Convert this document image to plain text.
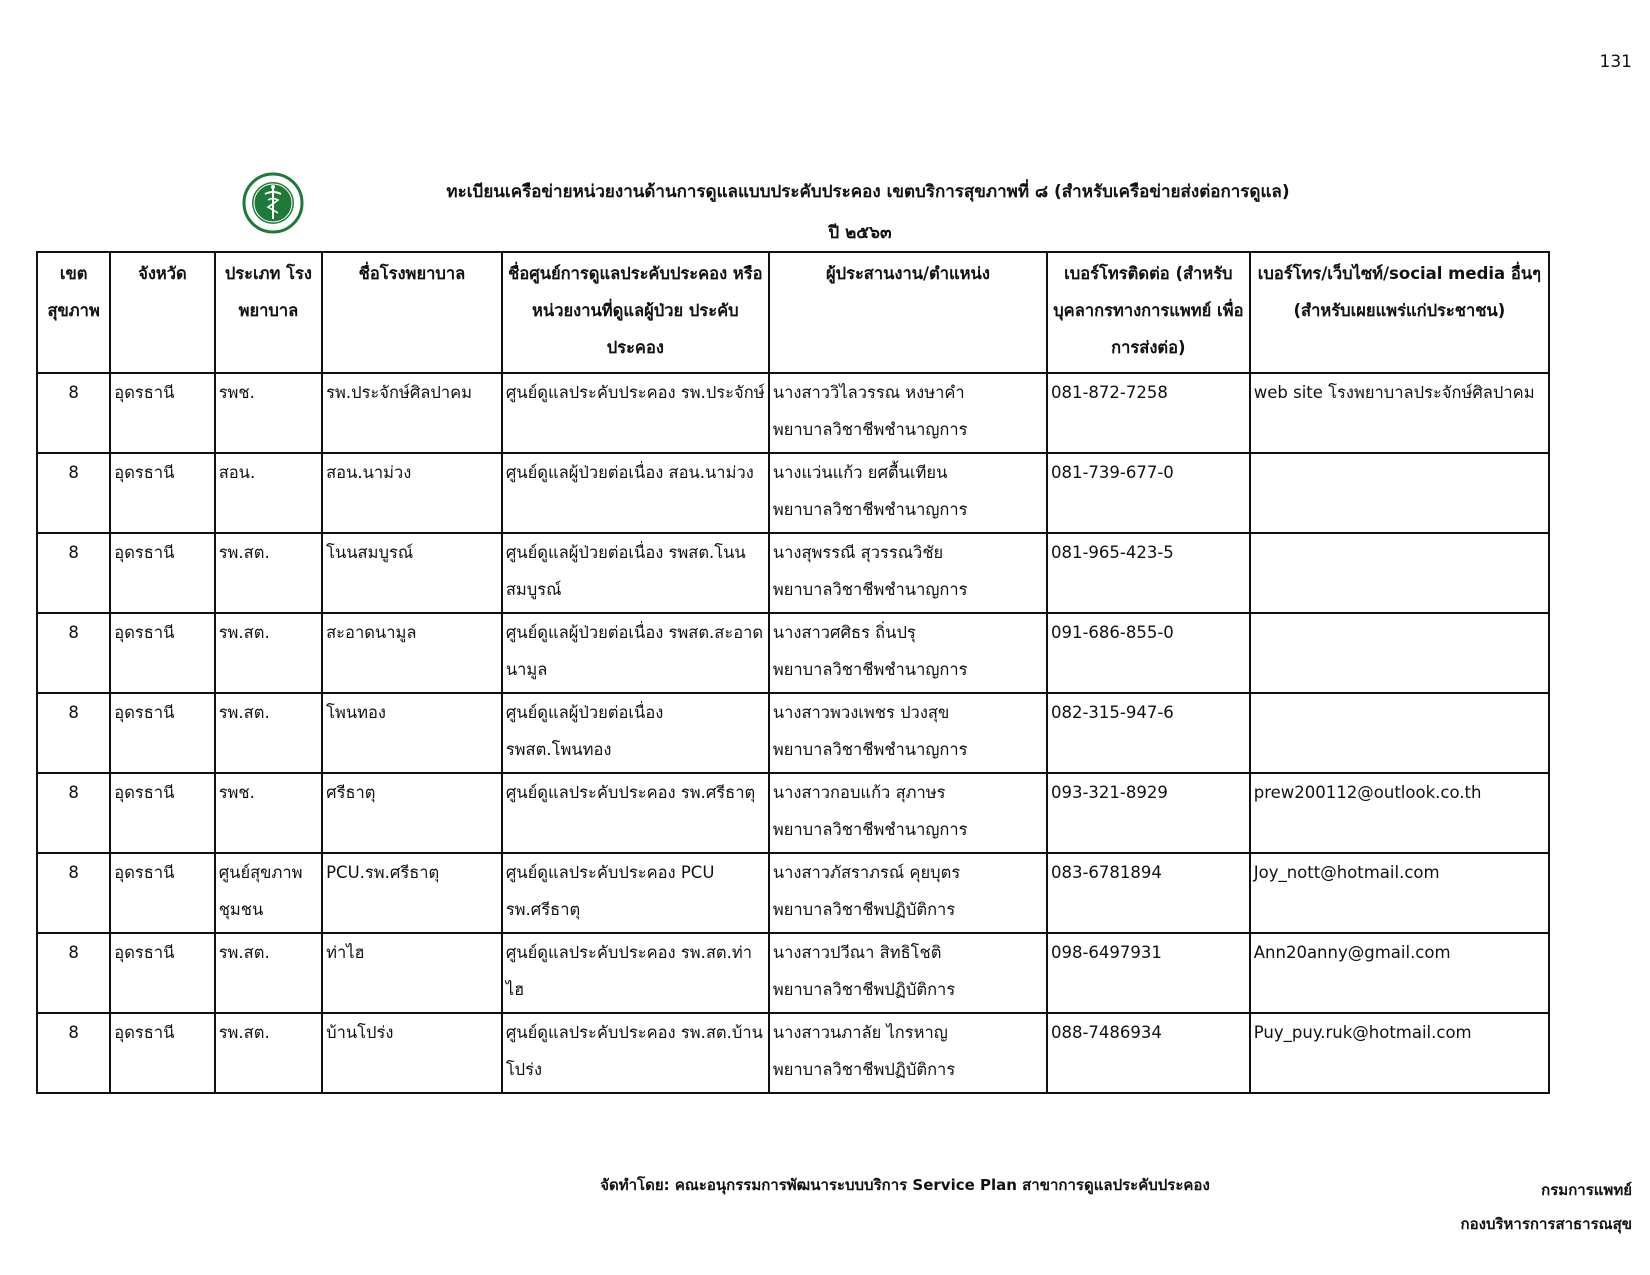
131
ทะเบียนเครือข่ายหน่วยงานด้านการดูแลแบบประคับประคอง เขตบริการสุขภาพที่ ๘ (สำหรับเครือข่ายส่งต่อการดูแล)
ปี ๒๕๖๓
เขต สุขภาพ	จังหวัด	ประเภท โรงพยาบาล	ชื่อโรงพยาบาล	ชื่อศูนย์การดูแลประคับประคอง หรือ หน่วยงานที่ดูแลผู้ป่วย ประคับประคอง	ผู้ประสานงาน/ตำแหน่ง	เบอร์โทรติดต่อ (สำหรับ บุคลากรทางการแพทย์ เพื่อการส่งต่อ)	เบอร์โทร/เว็บไซท์/social media อื่นๆ (สำหรับเผยแพร่แก่ประชาชน)
8	อุดรธานี	รพช.	รพ.ประจักษ์ศิลปาคม	ศูนย์ดูแลประคับประคอง รพ.ประจักษ์	นางสาววิไลวรรณ หงษาคำ
พยาบาลวิชาชีพชำนาญการ	081-872-7258	web site โรงพยาบาลประจักษ์ศิลปาคม
8	อุดรธานี	สอน.	สอน.นาม่วง	ศูนย์ดูแลผู้ป่วยต่อเนื่อง สอน.นาม่วง	นางแว่นแก้ว ยศตื้นเทียน
พยาบาลวิชาชีพชำนาญการ	081-739-677-0	
8	อุดรธานี	รพ.สต.	โนนสมบูรณ์	ศูนย์ดูแลผู้ป่วยต่อเนื่อง รพสต.โนนสมบูรณ์	นางสุพรรณี สุวรรณวิชัย
พยาบาลวิชาชีพชำนาญการ	081-965-423-5	
8	อุดรธานี	รพ.สต.	สะอาดนามูล	ศูนย์ดูแลผู้ป่วยต่อเนื่อง รพสต.สะอาดนามูล	นางสาวศศิธร ถิ่นปรุ
พยาบาลวิชาชีพชำนาญการ	091-686-855-0	
8	อุดรธานี	รพ.สต.	โพนทอง	ศูนย์ดูแลผู้ป่วยต่อเนื่อง รพสต.โพนทอง	นางสาวพวงเพชร ปวงสุข
พยาบาลวิชาชีพชำนาญการ	082-315-947-6	
8	อุดรธานี	รพช.	ศรีธาตุ	ศูนย์ดูแลประคับประคอง รพ.ศรีธาตุ	นางสาวกอบแก้ว สุภาษร
พยาบาลวิชาชีพชำนาญการ	093-321-8929	prew200112@outlook.co.th
8	อุดรธานี	ศูนย์สุขภาพชุมชน	PCU.รพ.ศรีธาตุ	ศูนย์ดูแลประคับประคอง PCU รพ.ศรีธาตุ	นางสาวภัสราภรณ์ คุยบุตร
พยาบาลวิชาชีพปฏิบัติการ	083-6781894	Joy_nott@hotmail.com
8	อุดรธานี	รพ.สต.	ท่าไฮ	ศูนย์ดูแลประคับประคอง รพ.สต.ท่าไฮ	นางสาวปวีณา สิทธิโชติ
พยาบาลวิชาชีพปฏิบัติการ	098-6497931	Ann20anny@gmail.com
8	อุดรธานี	รพ.สต.	บ้านโปร่ง	ศูนย์ดูแลประคับประคอง รพ.สต.บ้านโปร่ง	นางสาวนภาลัย ไกรหาญ
พยาบาลวิชาชีพปฏิบัติการ	088-7486934	Puy_puy.ruk@hotmail.com
จัดทำโดย: คณะอนุกรรมการพัฒนาระบบบริการ Service Plan สาขาการดูแลประคับประคอง	กรมการแพทย์
กองบริหารการสาธารณสุข
